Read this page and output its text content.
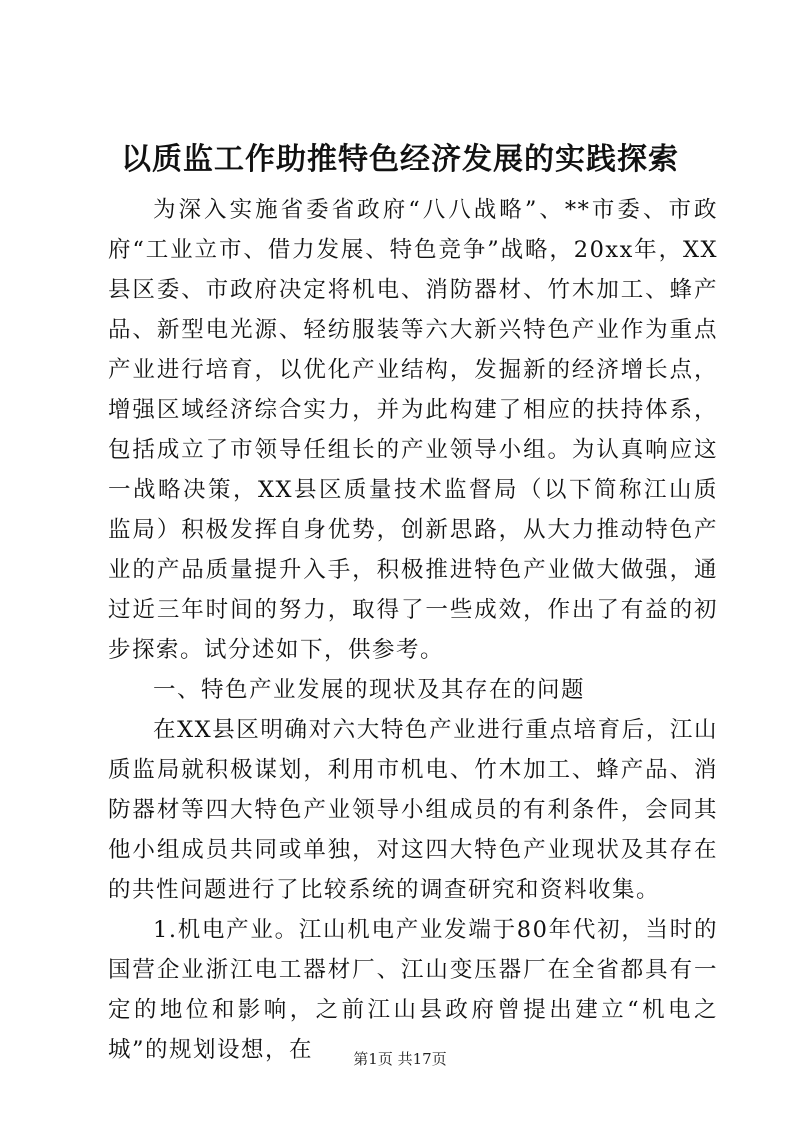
以质监工作助推特色经济发展的实践探索

为深入实施省委省政府“八八战略”、**市委、市政府“工业立市、借力发展、特色竞争”战略，20xx年，XX县区委、市政府决定将机电、消防器材、竹木加工、蜂产品、新型电光源、轻纺服装等六大新兴特色产业作为重点产业进行培育，以优化产业结构，发掘新的经济增长点，增强区域经济综合实力，并为此构建了相应的扶持体系，包括成立了市领导任组长的产业领导小组。为认真响应这一战略决策，XX县区质量技术监督局（以下简称江山质监局）积极发挥自身优势，创新思路，从大力推动特色产业的产品质量提升入手，积极推进特色产业做大做强，通过近三年时间的努力，取得了一些成效，作出了有益的初步探索。试分述如下，供参考。

一、特色产业发展的现状及其存在的问题

在XX县区明确对六大特色产业进行重点培育后，江山质监局就积极谋划，利用市机电、竹木加工、蜂产品、消防器材等四大特色产业领导小组成员的有利条件，会同其他小组成员共同或单独，对这四大特色产业现状及其存在的共性问题进行了比较系统的调查研究和资料收集。

1.机电产业。江山机电产业发端于80年代初，当时的国营企业浙江电工器材厂、江山变压器厂在全省都具有一定的地位和影响，之前江山县政府曾提出建立“机电之城”的规划设想，在	第1页 共17页
